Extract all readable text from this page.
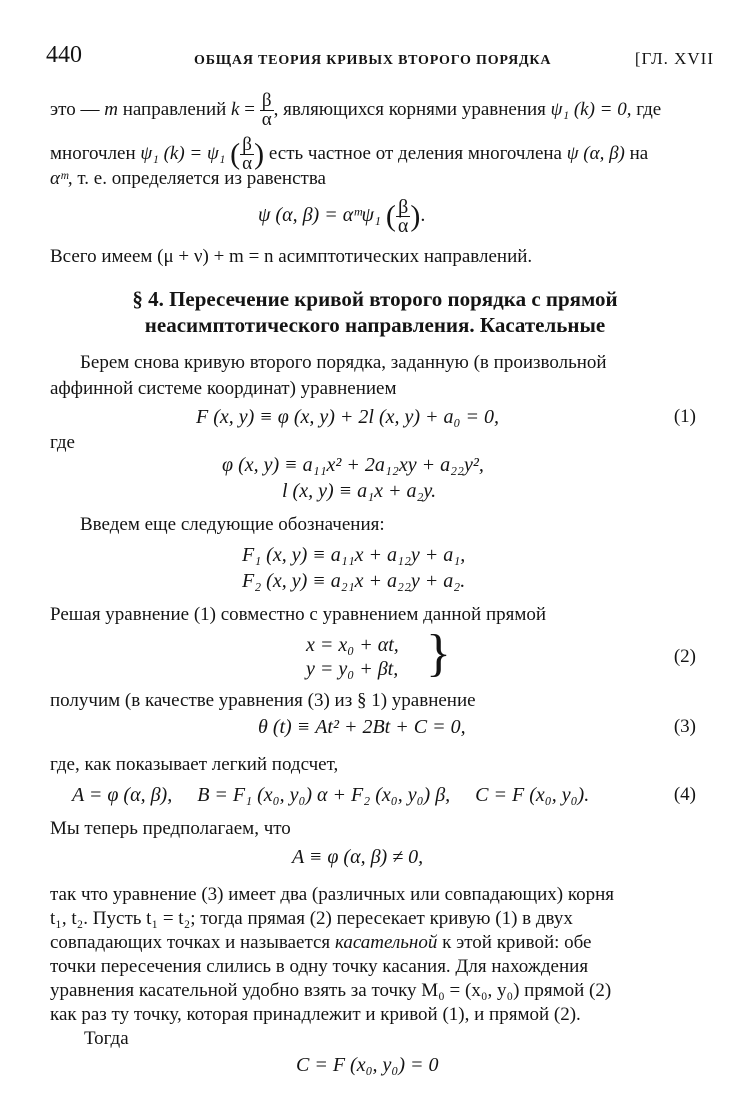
440	ОБЩАЯ ТЕОРИЯ КРИВЫХ ВТОРОГО ПОРЯДКА	[ГЛ. XVII
это — m направлений $k = \frac{\beta}{\alpha}$ , являющихся корнями уравнения ψ₁ (k) = 0, где
многочлен ψ₁ (k) = ψ₁ ( $\frac{\beta}{\alpha}$ ) есть частное от деления многочлена ψ (α, β) на
αᵐ, т. е. определяется из равенства
ψ (α, β) = αᵐψ₁ ( $\frac{\beta}{\alpha}$ ).
Всего имеем (μ + ν) + m = n асимптотических направлений.
§ 4. Пересечение кривой второго порядка с прямой
неасимптотического направления. Касательные
Берем снова кривую второго порядка, заданную (в произвольной
аффинной системе координат) уравнением
F (x, y) ≡ φ (x, y) + 2l (x, y) + a₀ = 0,	(1)
где
φ (x, y) ≡ a₁₁x² + 2a₁₂xy + a₂₂y²,
l (x, y) ≡ a₁x + a₂y.
Введем еще следующие обозначения:
F₁ (x, y) ≡ a₁₁x + a₁₂y + a₁,
F₂ (x, y) ≡ a₂₁x + a₂₂y + a₂.
Решая уравнение (1) совместно с уравнением данной прямой
x = x₀ + αt,
y = y₀ + βt, }	(2)
получим (в качестве уравнения (3) из § 1) уравнение
θ (t) ≡ At² + 2Bt + C = 0,	(3)
где, как показывает легкий подсчет,
A = φ (α, β),     B = F₁ (x₀, y₀) α + F₂ (x₀, y₀) β,     C = F (x₀, y₀).	(4)
Мы теперь предполагаем, что
A ≡ φ (α, β) ≠ 0,
так что уравнение (3) имеет два (различных или совпадающих) корня
t₁, t₂. Пусть t₁ = t₂; тогда прямая (2) пересекает кривую (1) в двух
совпадающих точках и называется касательной к этой кривой: обе
точки пересечения слились в одну точку касания. Для нахождения
уравнения касательной удобно взять за точку M₀ = (x₀, y₀) прямой (2)
как раз ту точку, которая принадлежит и кривой (1), и прямой (2).
Тогда
C = F (x₀, y₀) = 0
